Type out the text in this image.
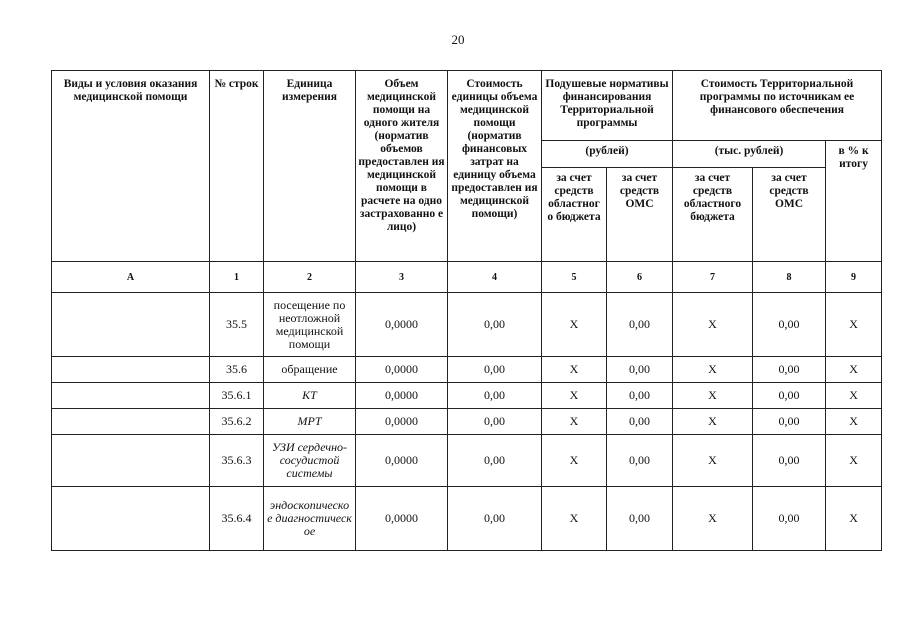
20
Виды и условия оказания медицинской помощи	№ строк	Единица измерения	Объем медицинской помощи на одного жителя (норматив объемов предоставлен ия медицинской помощи в расчете на одно застрахованно е лицо)	Стоимость единицы объема медицинской помощи (норматив финансовых затрат на единицу объема предоставлен ия медицинской помощи)	Подушевые нормативы финансирования Территориальной программы		Стоимость Территориальной программы по источникам ее финансового обеспечения		
					(рублей)		(тыс. рублей)		в % к итогу
					за счет средств областног о бюджета	за счет средств ОМС	за счет средств областного бюджета	за счет средств ОМС	
А	1	2	3	4	5	6	7	8	9
	35.5	посещение по неотложной медицинской помощи	0,0000	0,00	Х	0,00	Х	0,00	Х
	35.6	обращение	0,0000	0,00	Х	0,00	Х	0,00	Х
	35.6.1	КТ	0,0000	0,00	Х	0,00	Х	0,00	Х
	35.6.2	МРТ	0,0000	0,00	Х	0,00	Х	0,00	Х
	35.6.3	УЗИ сердечно-сосудистой системы	0,0000	0,00	Х	0,00	Х	0,00	Х
	35.6.4	эндоскопическо е диагностическ ое	0,0000	0,00	Х	0,00	Х	0,00	Х
